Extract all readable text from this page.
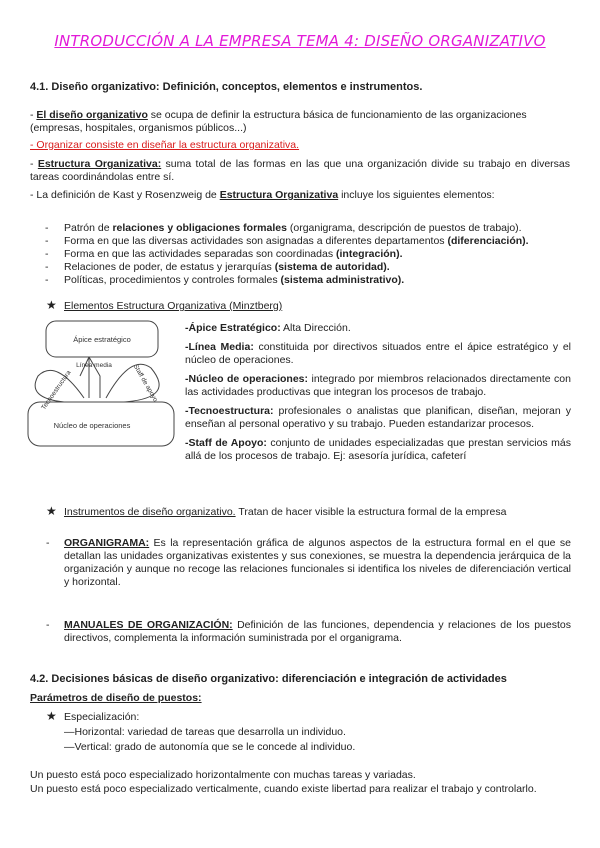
INTRODUCCIÓN A LA EMPRESA TEMA 4: DISEÑO ORGANIZATIVO
4.1. Diseño organizativo: Definición, conceptos, elementos e instrumentos.
- El diseño organizativo se ocupa de definir la estructura básica de funcionamiento de las organizaciones (empresas, hospitales, organismos públicos...)
- Organizar consiste en diseñar la estructura organizativa.
- Estructura Organizativa: suma total de las formas en las que una organización divide su trabajo en diversas tareas coordinándolas entre sí.
- La definición de Kast y Rosenzweig de Estructura Organizativa incluye los siguientes elementos:
- Patrón de relaciones y obligaciones formales (organigrama, descripción de puestos de trabajo).
- Forma en que las diversas actividades son asignadas a diferentes departamentos (diferenciación).
- Forma en que las actividades separadas son coordinadas (integración).
- Relaciones de poder, de estatus y jerarquías (sistema de autoridad).
- Políticas, procedimientos y controles formales (sistema administrativo).
★ Elementos Estructura Organizativa (Minztberg)
Ápice estratégico
Línea media
Tecnoestructura	Staff de apoyo
Núcleo de operaciones
-Ápice Estratégico: Alta Dirección.
-Línea Media: constituida por directivos situados entre el ápice estratégico y el núcleo de operaciones.
-Núcleo de operaciones: integrado por miembros relacionados directamente con las actividades productivas que integran los procesos de trabajo.
-Tecnoestructura: profesionales o analistas que planifican, diseñan, mejoran y enseñan al personal operativo y su trabajo. Pueden estandarizar procesos.
-Staff de Apoyo: conjunto de unidades especializadas que prestan servicios más allá de los procesos de trabajo. Ej: asesoría jurídica, cafeterí
★ Instrumentos de diseño organizativo. Tratan de hacer visible la estructura formal de la empresa
- ORGANIGRAMA: Es la representación gráfica de algunos aspectos de la estructura formal en el que se detallan las unidades organizativas existentes y sus conexiones, se muestra la dependencia jerárquica de la organización y aunque no recoge las relaciones funcionales si identifica los niveles de diferenciación vertical y horizontal.
- MANUALES DE ORGANIZACIÓN: Definición de las funciones, dependencia y relaciones de los puestos directivos, complementa la información suministrada por el organigrama.
4.2. Decisiones básicas de diseño organizativo: diferenciación e integración de actividades
Parámetros de diseño de puestos:
★ Especialización:
—Horizontal: variedad de tareas que desarrolla un individuo.
—Vertical: grado de autonomía que se le concede al individuo.
Un puesto está poco especializado horizontalmente con muchas tareas y variadas.
Un puesto está poco especializado verticalmente, cuando existe libertad para realizar el trabajo y controlarlo.
